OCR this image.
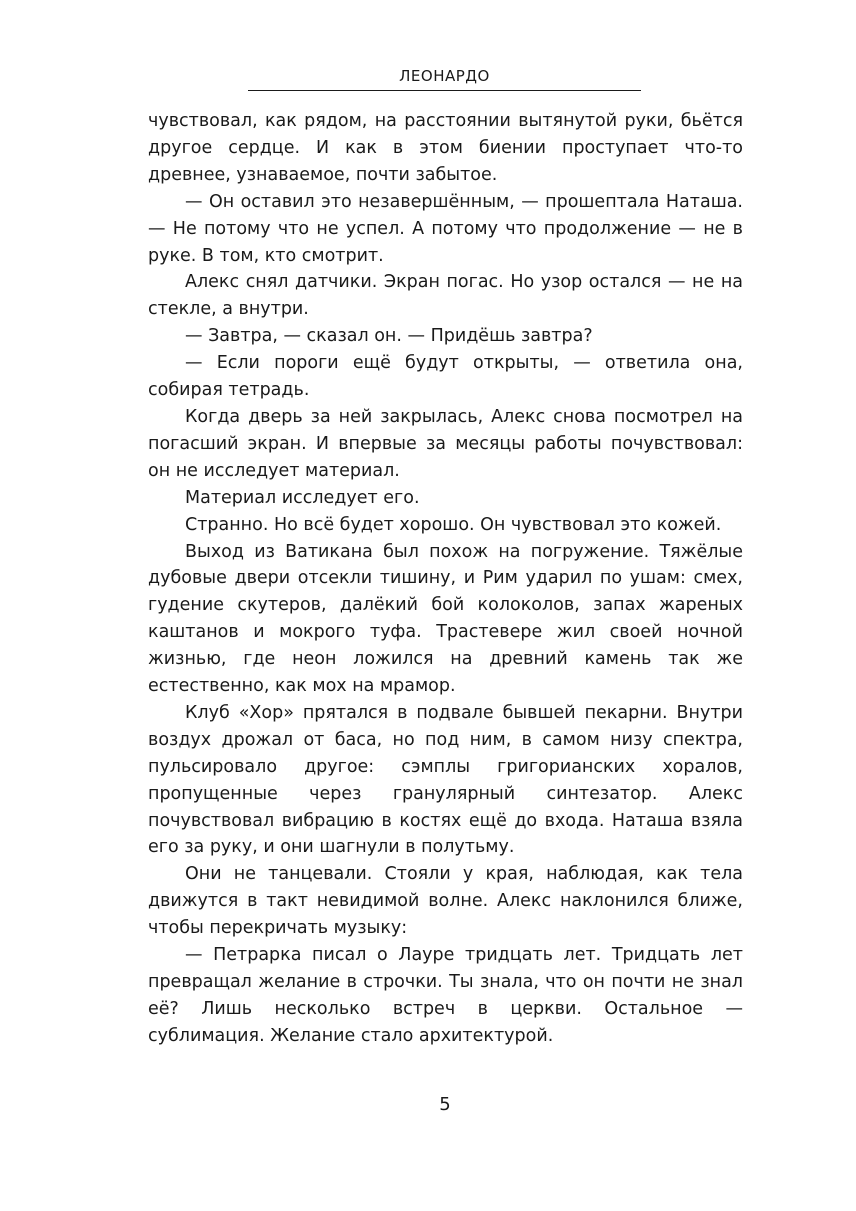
ЛЕОНАРДО

чувствовал, как рядом, на расстоянии вытянутой руки, бьётся другое сердце. И как в этом биении проступает что-то древнее, узнаваемое, почти забытое.

— Он оставил это незавершённым, — прошептала Наташа. — Не потому что не успел. А потому что продолжение — не в руке. В том, кто смотрит.

Алекс снял датчики. Экран погас. Но узор остался — не на стекле, а внутри.

— Завтра, — сказал он. — Придёшь завтра?

— Если пороги ещё будут открыты, — ответила она, собирая тетрадь.

Когда дверь за ней закрылась, Алекс снова посмотрел на погасший экран. И впервые за месяцы работы почувствовал: он не исследует материал.

Материал исследует его.

Странно. Но всё будет хорошо. Он чувствовал это кожей.

Выход из Ватикана был похож на погружение. Тяжёлые дубовые двери отсекли тишину, и Рим ударил по ушам: смех, гудение скутеров, далёкий бой колоколов, запах жареных каштанов и мокрого туфа. Трастевере жил своей ночной жизнью, где неон ложился на древний камень так же естественно, как мох на мрамор.

Клуб «Хор» прятался в подвале бывшей пекарни. Внутри воздух дрожал от баса, но под ним, в самом низу спектра, пульсировало другое: сэмплы григорианских хоралов, пропущенные через гранулярный синтезатор. Алекс почувствовал вибрацию в костях ещё до входа. Наташа взяла его за руку, и они шагнули в полутьму.

Они не танцевали. Стояли у края, наблюдая, как тела движутся в такт невидимой волне. Алекс наклонился ближе, чтобы перекричать музыку:

— Петрарка писал о Лауре тридцать лет. Тридцать лет превращал желание в строчки. Ты знала, что он почти не знал её? Лишь несколько встреч в церкви. Остальное — сублимация. Желание стало архитектурой.

5
